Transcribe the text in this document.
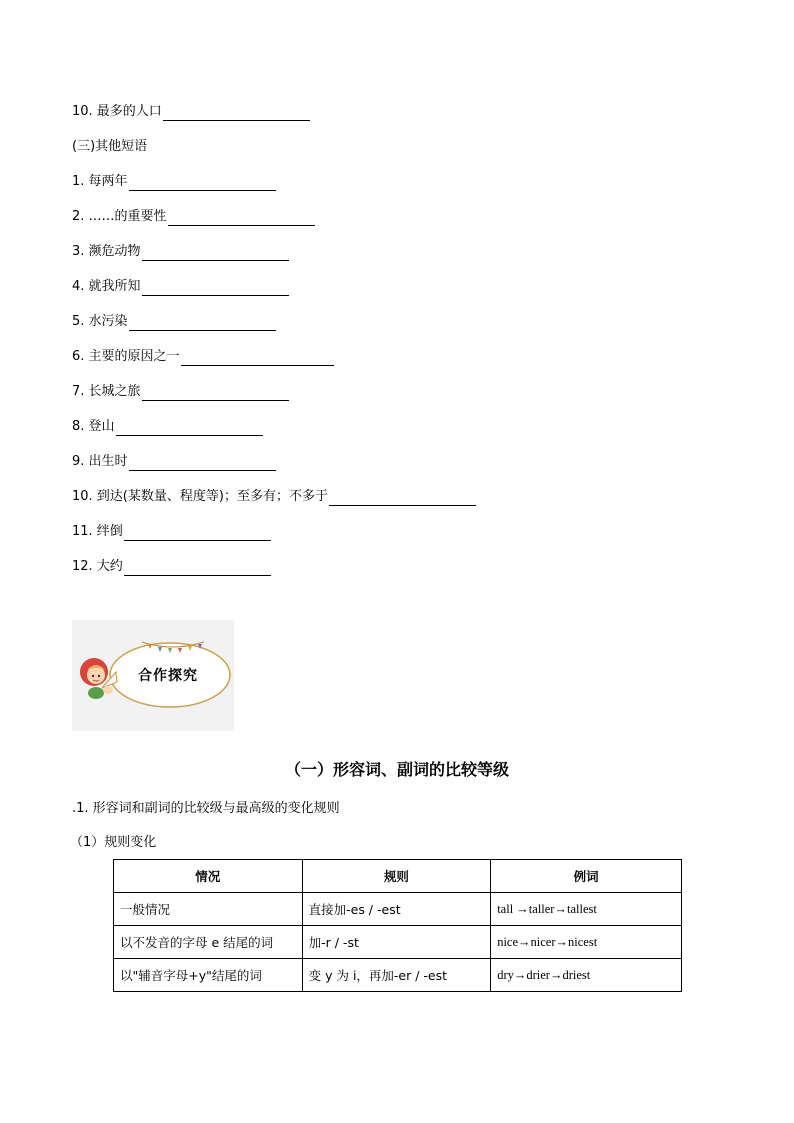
10. 最多的人口
(三)其他短语
1. 每两年
2. ……的重要性
3. 濒危动物
4. 就我所知
5. 水污染
6. 主要的原因之一
7. 长城之旅
8. 登山
9. 出生时
10. 到达(某数量、程度等)；至多有；不多于
11. 绊倒
12. 大约
合作探究
（一）形容词、副词的比较等级
.1. 形容词和副词的比较级与最高级的变化规则
（1）规则变化
情况	规则	例词
一般情况	直接加-es / -est	tall →taller→tallest
以不发音的字母 e 结尾的词	加-r / -st	nice→nicer→nicest
以"辅音字母+y"结尾的词	变 y 为 i，再加-er / -est	dry→drier→driest
